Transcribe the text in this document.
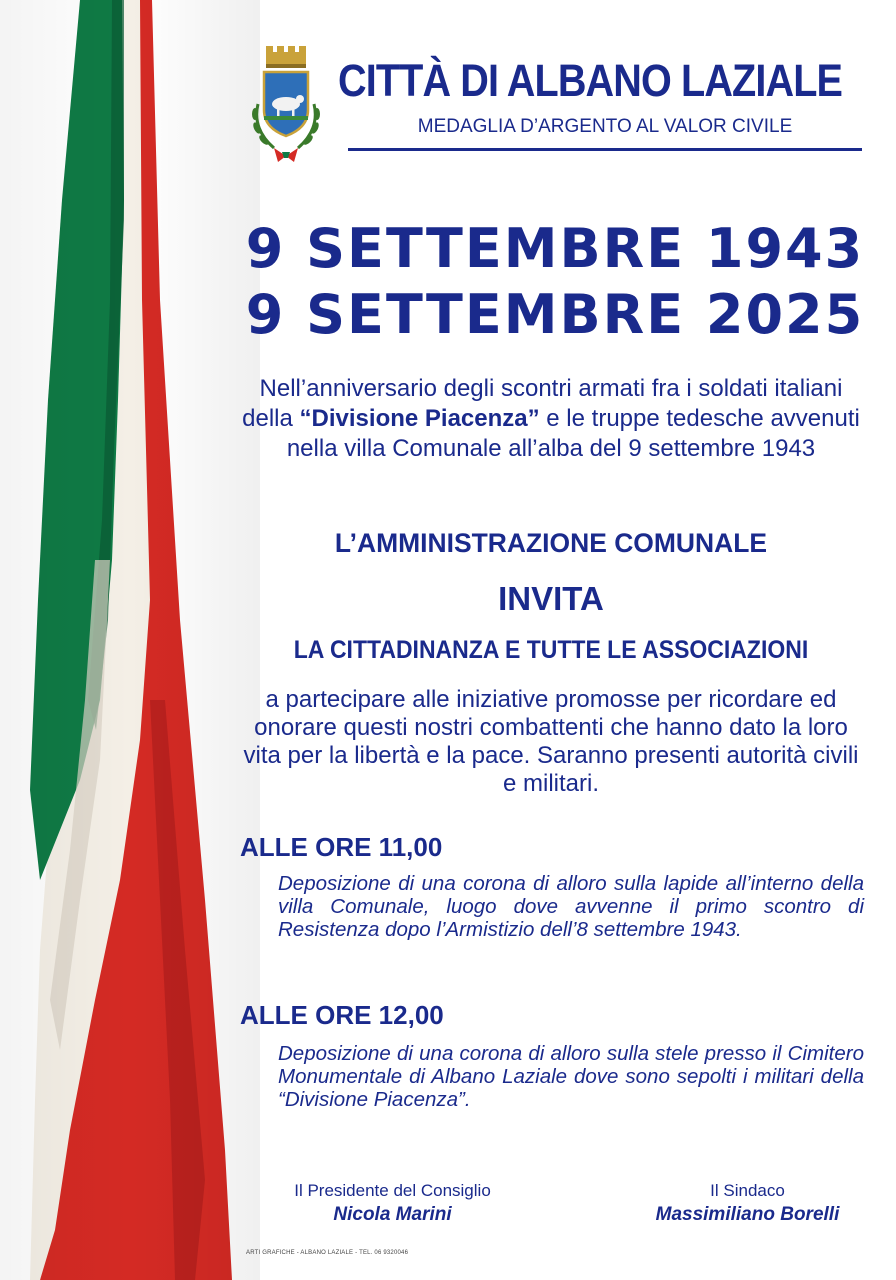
CITTÀ DI ALBANO LAZIALE
MEDAGLIA D’ARGENTO AL VALOR CIVILE
9 SETTEMBRE 1943
9 SETTEMBRE 2025
Nell’anniversario degli scontri armati fra i soldati italiani della “Divisione Piacenza” e le truppe tedesche avvenuti nella villa Comunale all’alba del 9 settembre 1943
L’AMMINISTRAZIONE COMUNALE
INVITA
LA CITTADINANZA E TUTTE LE ASSOCIAZIONI
a partecipare alle iniziative promosse per ricordare ed onorare questi nostri combattenti che hanno dato la loro vita per la libertà e la pace. Saranno presenti autorità civili e militari.
ALLE ORE 11,00
Deposizione di una corona di alloro sulla lapide all’interno della villa Comunale, luogo dove avvenne il primo scontro di Resistenza dopo l’Armistizio dell’8 settembre 1943.
ALLE ORE 12,00
Deposizione di una corona di alloro sulla stele presso il Cimitero Monumentale di Albano Laziale dove sono sepolti i militari della “Divisione Piacenza”.
Il Presidente del Consiglio
Nicola Marini
Il Sindaco
Massimiliano Borelli
ARTI GRAFICHE - ALBANO LAZIALE - TEL. 06 9320046
